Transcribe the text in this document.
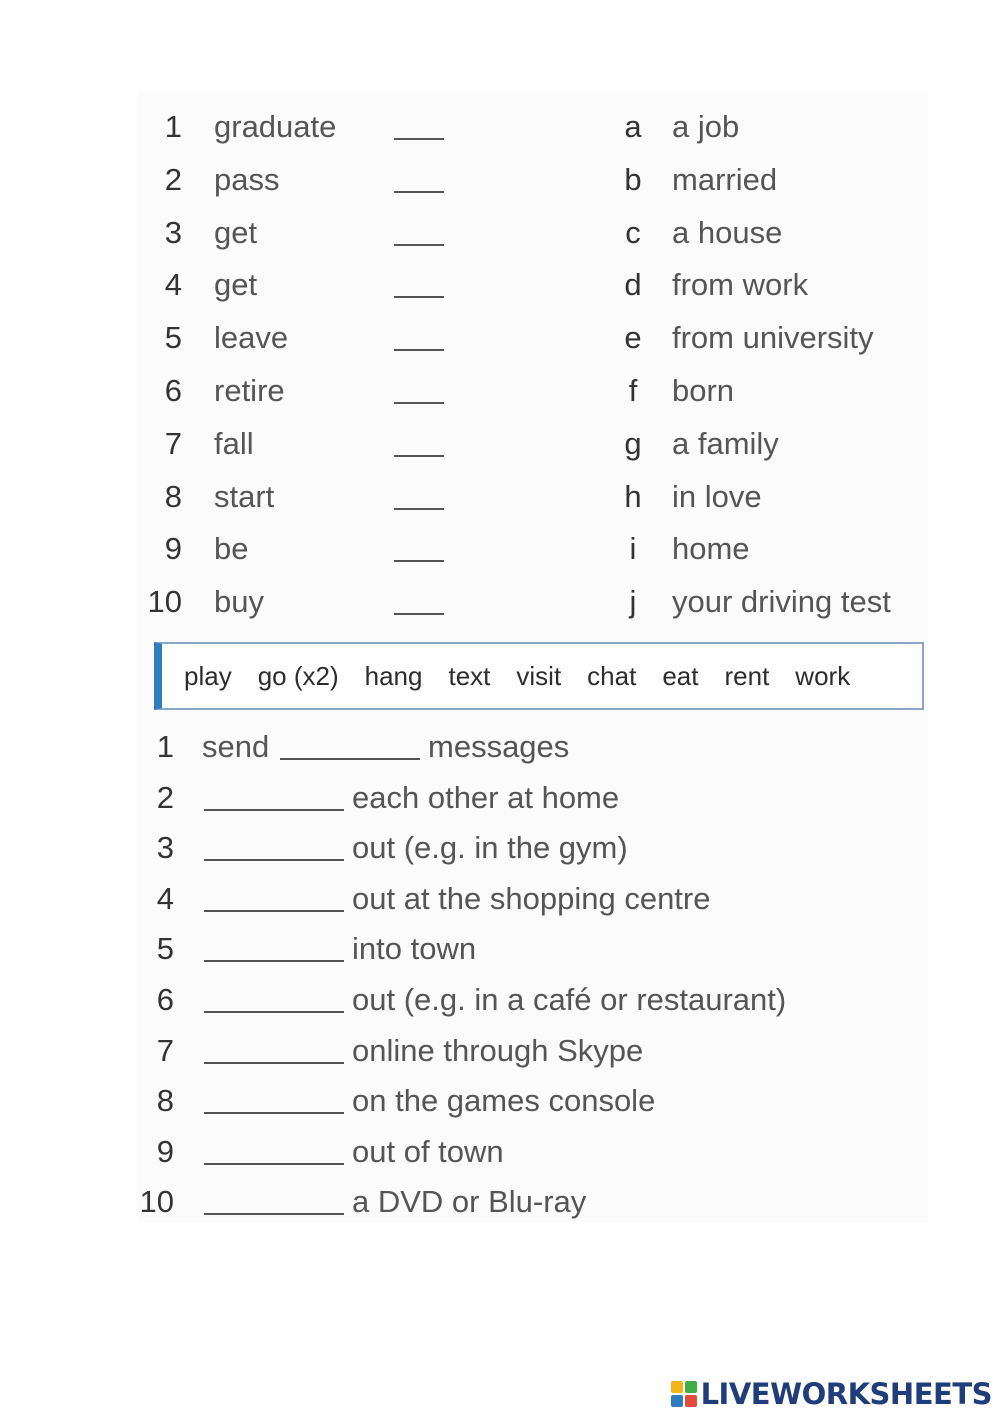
1 graduate	a a job
2 pass	b married
3 get	c a house
4 get	d from work
5 leave	e from university
6 retire	f	born
7 fall	g a family
8 start	h in love
9 be	i	home
10 buy	j	your driving test
play go (x2) hang text visit chat eat rent work
1 send	messages
2	each other at home
3	out (e.g. in the gym)
4	out at the shopping centre
5	into town
6	out (e.g. in a café or restaurant)
7	online through Skype
8	on the games console
9	out of town
10	a DVD or Blu-ray
LIVEWORKSHEETS
